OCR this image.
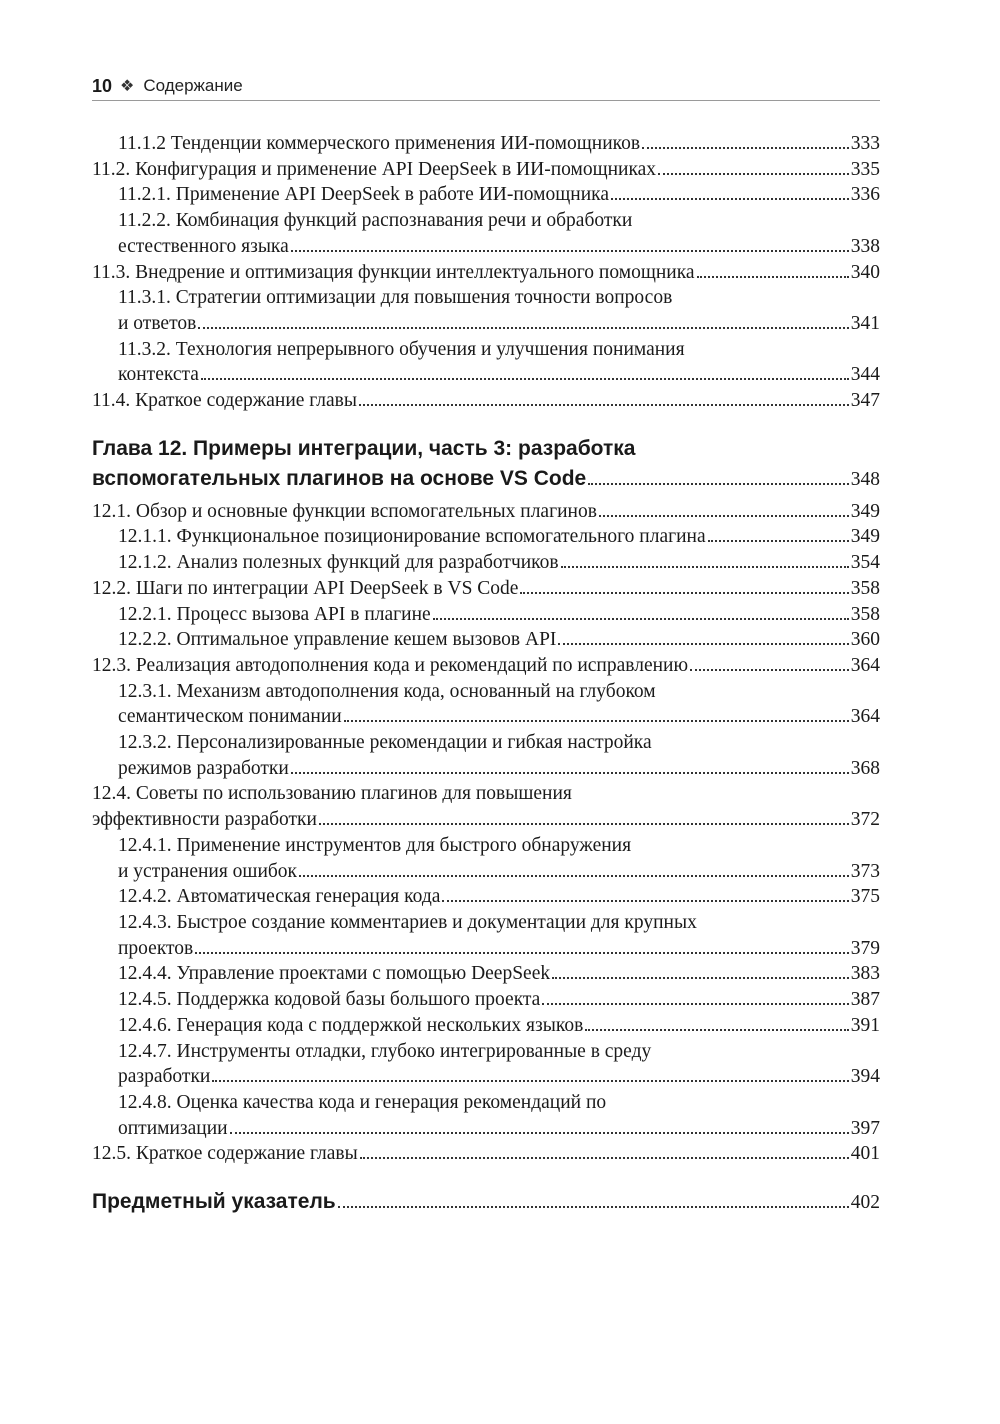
10 ❖ Содержание
11.1.2 Тенденции коммерческого применения ИИ-помощников	333
11.2. Конфигурация и применение API DeepSeek в ИИ-помощниках	335
11.2.1. Применение API DeepSeek в работе ИИ-помощника	336
11.2.2. Комбинация функций распознавания речи и обработки
естественного языка	338
11.3. Внедрение и оптимизация функции интеллектуального помощника	340
11.3.1. Стратегии оптимизации для повышения точности вопросов
и ответов	341
11.3.2. Технология непрерывного обучения и улучшения понимания
контекста	344
11.4. Краткое содержание главы	347
Глава 12. Примеры интеграции, часть 3: разработка
вспомогательных плагинов на основе VS Code	348
12.1. Обзор и основные функции вспомогательных плагинов	349
12.1.1. Функциональное позиционирование вспомогательного плагина	349
12.1.2. Анализ полезных функций для разработчиков	354
12.2. Шаги по интеграции API DeepSeek в VS Code	358
12.2.1. Процесс вызова API в плагине	358
12.2.2. Оптимальное управление кешем вызовов API	360
12.3. Реализация автодополнения кода и рекомендаций по исправлению	364
12.3.1. Механизм автодополнения кода, основанный на глубоком
семантическом понимании	364
12.3.2. Персонализированные рекомендации и гибкая настройка
режимов разработки	368
12.4. Советы по использованию плагинов для повышения
эффективности разработки	372
12.4.1. Применение инструментов для быстрого обнаружения
и устранения ошибок	373
12.4.2. Автоматическая генерация кода	375
12.4.3. Быстрое создание комментариев и документации для крупных
проектов	379
12.4.4. Управление проектами с помощью DeepSeek	383
12.4.5. Поддержка кодовой базы большого проекта	387
12.4.6. Генерация кода с поддержкой нескольких языков	391
12.4.7. Инструменты отладки, глубоко интегрированные в среду
разработки	394
12.4.8. Оценка качества кода и генерация рекомендаций по
оптимизации	397
12.5. Краткое содержание главы	401
Предметный указатель	402
